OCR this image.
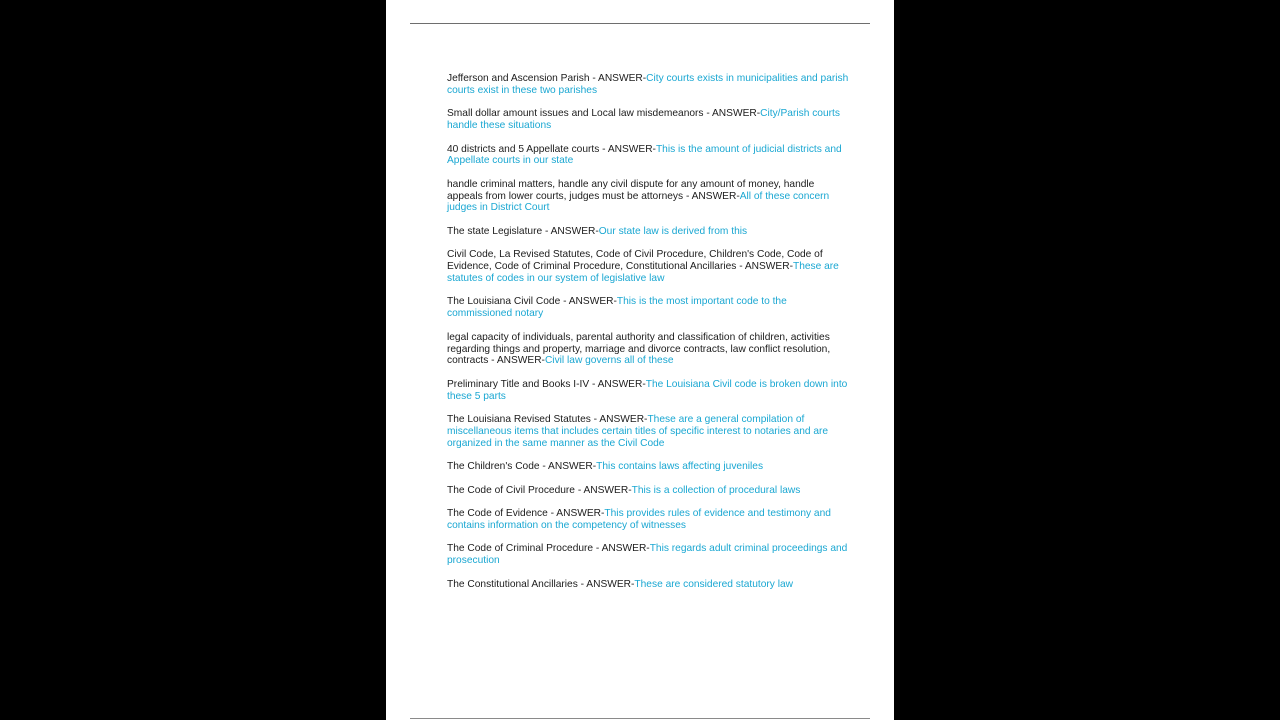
Jefferson and Ascension Parish - ANSWER-City courts exists in municipalities and parish courts exist in these two parishes

Small dollar amount issues and Local law misdemeanors - ANSWER-City/Parish courts handle these situations

40 districts and 5 Appellate courts - ANSWER-This is the amount of judicial districts and Appellate courts in our state

handle criminal matters, handle any civil dispute for any amount of money, handle appeals from lower courts, judges must be attorneys - ANSWER-All of these concern judges in District Court

The state Legislature - ANSWER-Our state law is derived from this

Civil Code, La Revised Statutes, Code of Civil Procedure, Children's Code, Code of Evidence, Code of Criminal Procedure, Constitutional Ancillaries - ANSWER-These are statutes of codes in our system of legislative law

The Louisiana Civil Code - ANSWER-This is the most important code to the commissioned notary

legal capacity of individuals, parental authority and classification of children, activities regarding things and property, marriage and divorce contracts, law conflict resolution, contracts - ANSWER-Civil law governs all of these

Preliminary Title and Books I-IV - ANSWER-The Louisiana Civil code is broken down into these 5 parts

The Louisiana Revised Statutes - ANSWER-These are a general compilation of miscellaneous items that includes certain titles of specific interest to notaries and are organized in the same manner as the Civil Code

The Children's Code - ANSWER-This contains laws affecting juveniles

The Code of Civil Procedure - ANSWER-This is a collection of procedural laws

The Code of Evidence - ANSWER-This provides rules of evidence and testimony and contains information on the competency of witnesses

The Code of Criminal Procedure - ANSWER-This regards adult criminal proceedings and prosecution

The Constitutional Ancillaries - ANSWER-These are considered statutory law
